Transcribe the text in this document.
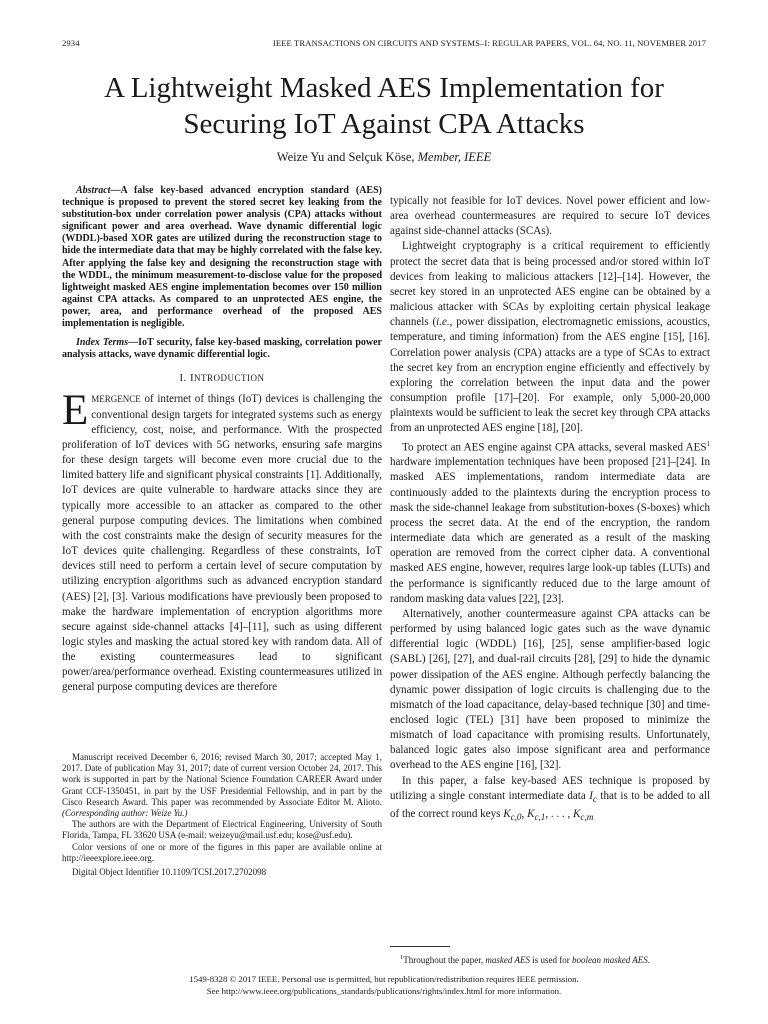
2934	IEEE TRANSACTIONS ON CIRCUITS AND SYSTEMS–I: REGULAR PAPERS, VOL. 64, NO. 11, NOVEMBER 2017
A Lightweight Masked AES Implementation for
Securing IoT Against CPA Attacks
Weize Yu and Selçuk Köse, Member, IEEE

Abstract—A false key-based advanced encryption standard (AES) technique is proposed to prevent the stored secret key leaking from the substitution-box under correlation power analysis (CPA) attacks without significant power and area overhead. Wave dynamic differential logic (WDDL)-based XOR gates are utilized during the reconstruction stage to hide the intermediate data that may be highly correlated with the false key. After applying the false key and designing the reconstruction stage with the WDDL, the minimum measurement-to-disclose value for the proposed lightweight masked AES engine implementation becomes over 150 million against CPA attacks. As compared to an unprotected AES engine, the power, area, and performance overhead of the proposed AES implementation is negligible.

Index Terms—IoT security, false key-based masking, correlation power analysis attacks, wave dynamic differential logic.

I. INTRODUCTION

EMERGENCE of internet of things (IoT) devices is challenging the conventional design targets for integrated systems such as energy efficiency, cost, noise, and performance. With the prospected proliferation of IoT devices with 5G networks, ensuring safe margins for these design targets will become even more crucial due to the limited battery life and significant physical constraints [1]. Additionally, IoT devices are quite vulnerable to hardware attacks since they are typically more accessible to an attacker as compared to the other general purpose computing devices. The limitations when combined with the cost constraints make the design of security measures for the IoT devices quite challenging. Regardless of these constraints, IoT devices still need to perform a certain level of secure computation by utilizing encryption algorithms such as advanced encryption standard (AES) [2], [3]. Various modifications have previously been proposed to make the hardware implementation of encryption algorithms more secure against side-channel attacks [4]–[11], such as using different logic styles and masking the actual stored key with random data. All of the existing countermeasures lead to significant power/area/performance overhead. Existing countermeasures utilized in general purpose computing devices are therefore

typically not feasible for IoT devices. Novel power efficient and low-area overhead countermeasures are required to secure IoT devices against side-channel attacks (SCAs).

Lightweight cryptography is a critical requirement to efficiently protect the secret data that is being processed and/or stored within IoT devices from leaking to malicious attackers [12]–[14]. However, the secret key stored in an unprotected AES engine can be obtained by a malicious attacker with SCAs by exploiting certain physical leakage channels (i.e., power dissipation, electromagnetic emissions, acoustics, temperature, and timing information) from the AES engine [15], [16]. Correlation power analysis (CPA) attacks are a type of SCAs to extract the secret key from an encryption engine efficiently and effectively by exploring the correlation between the input data and the power consumption profile [17]–[20]. For example, only 5,000-20,000 plaintexts would be sufficient to leak the secret key through CPA attacks from an unprotected AES engine [18], [20].

To protect an AES engine against CPA attacks, several masked AES$^1$ hardware implementation techniques have been proposed [21]–[24]. In masked AES implementations, random intermediate data are continuously added to the plaintexts during the encryption process to mask the side-channel leakage from substitution-boxes (S-boxes) which process the secret data. At the end of the encryption, the random intermediate data which are generated as a result of the masking operation are removed from the correct cipher data. A conventional masked AES engine, however, requires large look-up tables (LUTs) and the performance is significantly reduced due to the large amount of random masking data values [22], [23].

Alternatively, another countermeasure against CPA attacks can be performed by using balanced logic gates such as the wave dynamic differential logic (WDDL) [16], [25], sense amplifier-based logic (SABL) [26], [27], and dual-rail circuits [28], [29] to hide the dynamic power dissipation of the AES engine. Although perfectly balancing the dynamic power dissipation of logic circuits is challenging due to the mismatch of the load capacitance, delay-based technique [30] and time-enclosed logic (TEL) [31] have been proposed to minimize the mismatch of load capacitance with promising results. Unfortunately, balanced logic gates also impose significant area and performance overhead to the AES engine [16], [32].

In this paper, a false key-based AES technique is proposed by utilizing a single constant intermediate data $I_c$ that is to be added to all of the correct round keys $K_{c,0}$, $K_{c,1}$, . . . , $K_{c,m}$

Manuscript received December 6, 2016; revised March 30, 2017; accepted May 1, 2017. Date of publication May 31, 2017; date of current version October 24, 2017. This work is supported in part by the National Science Foundation CAREER Award under Grant CCF-1350451, in part by the USF Presidential Fellowship, and in part by the Cisco Research Award. This paper was recommended by Associate Editor M. Alioto. (Corresponding author: Weize Yu.)

The authors are with the Department of Electrical Engineering, University of South Florida, Tampa, FL 33620 USA (e-mail: weizeyu@mail.usf.edu; kose@usf.edu).

Color versions of one or more of the figures in this paper are available online at http://ieeexplore.ieee.org.

Digital Object Identifier 10.1109/TCSI.2017.2702098

$^1$Throughout the paper, masked AES is used for boolean masked AES.
1549-8328 © 2017 IEEE. Personal use is permitted, but republication/redistribution requires IEEE permission.
See http://www.ieee.org/publications_standards/publications/rights/index.html for more information.
